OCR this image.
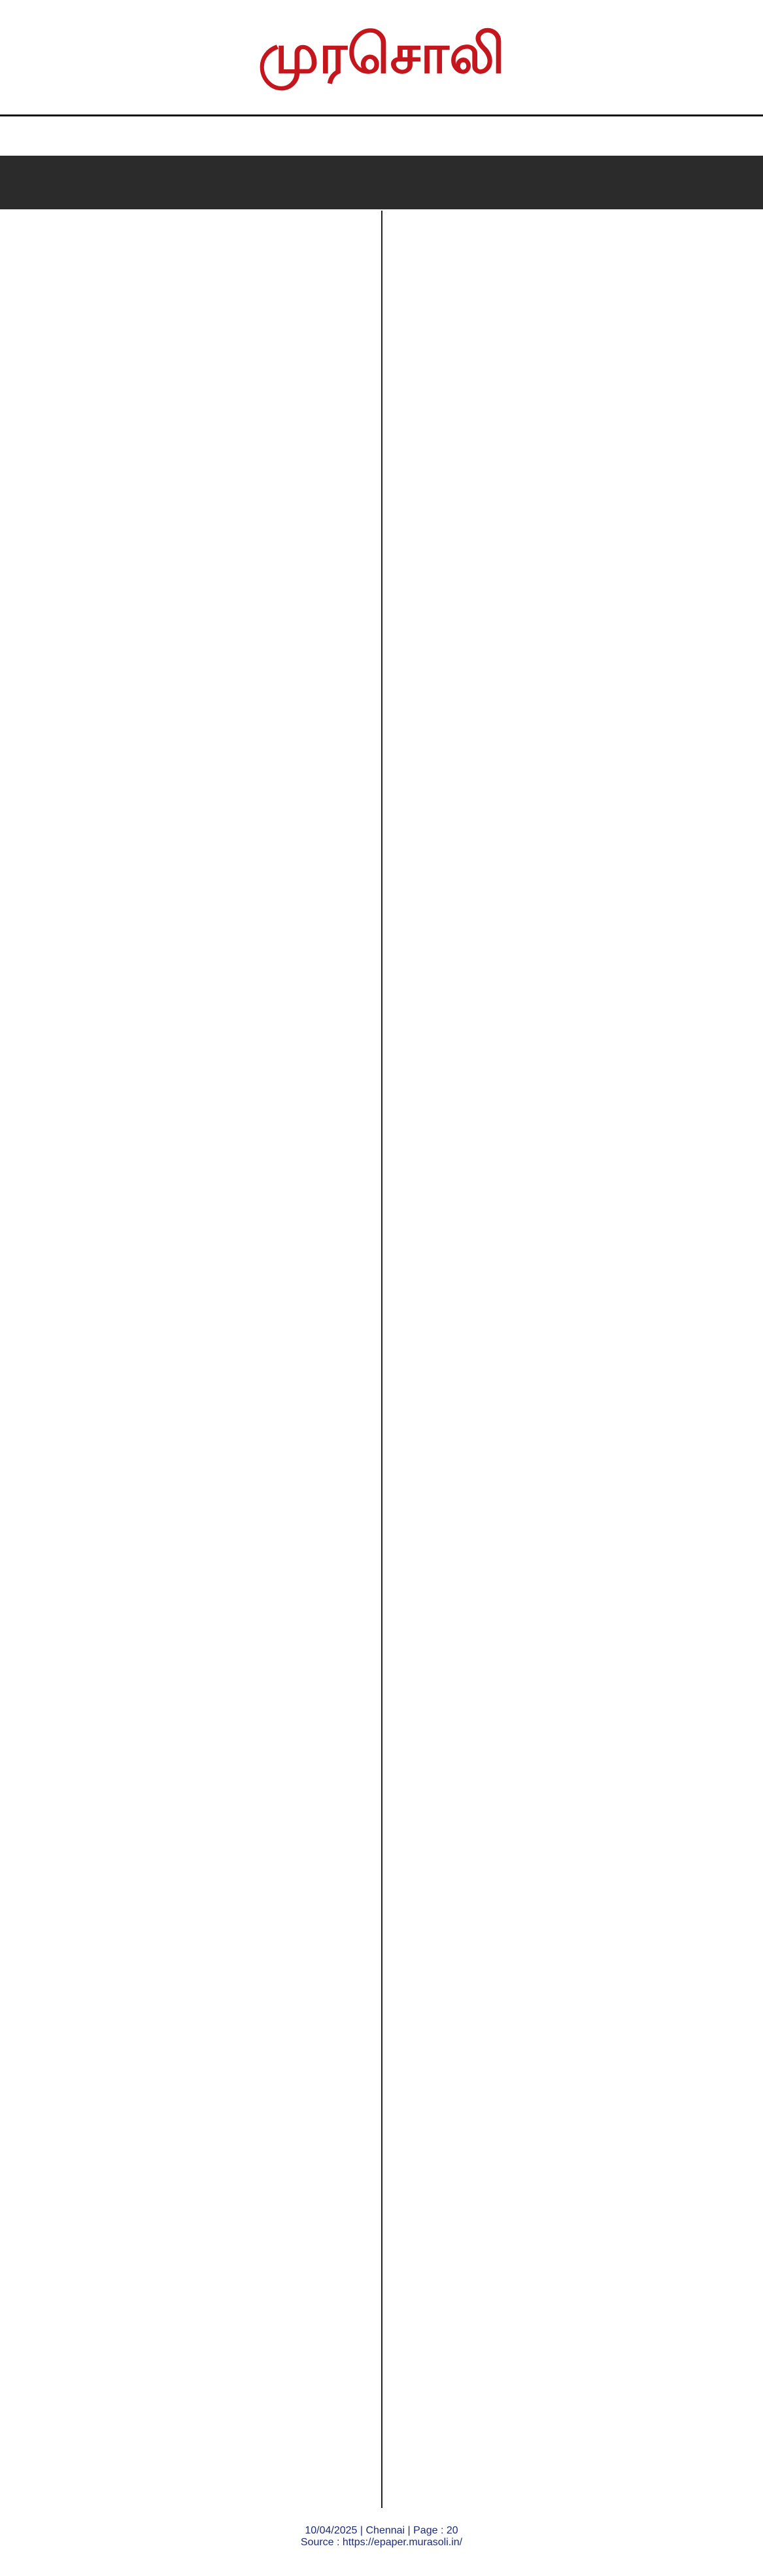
முரசொலி

10/04/2025 | Chennai | Page : 20
Source : https://epaper.murasoli.in/
